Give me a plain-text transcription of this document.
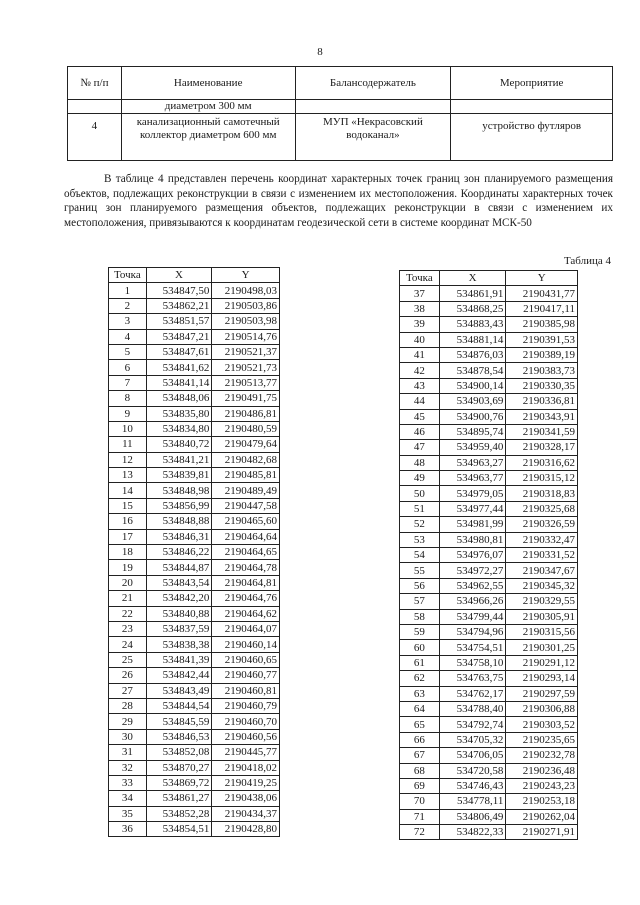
8
№ п/п	Наименование	Балансодержатель	Мероприятие
	диаметром 300 мм		
4	канализационный самотечный коллектор диаметром 600 мм	МУП «Некрасовский водоканал»	устройство футляров

В таблице 4 представлен перечень координат характерных точек границ зон планируемого размещения объектов, подлежащих реконструкции в связи с изменением их местоположения. Координаты характерных точек границ зон планируемого размещения объектов, подлежащих реконструкции в связи с изменением их местоположения, привязываются к координатам геодезической сети в системе координат МСК-50

Таблица 4
Точка	X	Y
1	534847,50	2190498,03
2	534862,21	2190503,86
3	534851,57	2190503,98
4	534847,21	2190514,76
5	534847,61	2190521,37
6	534841,62	2190521,73
7	534841,14	2190513,77
8	534848,06	2190491,75
9	534835,80	2190486,81
10	534834,80	2190480,59
11	534840,72	2190479,64
12	534841,21	2190482,68
13	534839,81	2190485,81
14	534848,98	2190489,49
15	534856,99	2190447,58
16	534848,88	2190465,60
17	534846,31	2190464,64
18	534846,22	2190464,65
19	534844,87	2190464,78
20	534843,54	2190464,81
21	534842,20	2190464,76
22	534840,88	2190464,62
23	534837,59	2190464,07
24	534838,38	2190460,14
25	534841,39	2190460,65
26	534842,44	2190460,77
27	534843,49	2190460,81
28	534844,54	2190460,79
29	534845,59	2190460,70
30	534846,53	2190460,56
31	534852,08	2190445,77
32	534870,27	2190418,02
33	534869,72	2190419,25
34	534861,27	2190438,06
35	534852,28	2190434,37
36	534854,51	2190428,80
Точка	X	Y
37	534861,91	2190431,77
38	534868,25	2190417,11
39	534883,43	2190385,98
40	534881,14	2190391,53
41	534876,03	2190389,19
42	534878,54	2190383,73
43	534900,14	2190330,35
44	534903,69	2190336,81
45	534900,76	2190343,91
46	534895,74	2190341,59
47	534959,40	2190328,17
48	534963,27	2190316,62
49	534963,77	2190315,12
50	534979,05	2190318,83
51	534977,44	2190325,68
52	534981,99	2190326,59
53	534980,81	2190332,47
54	534976,07	2190331,52
55	534972,27	2190347,67
56	534962,55	2190345,32
57	534966,26	2190329,55
58	534799,44	2190305,91
59	534794,96	2190315,56
60	534754,51	2190301,25
61	534758,10	2190291,12
62	534763,75	2190293,14
63	534762,17	2190297,59
64	534788,40	2190306,88
65	534792,74	2190303,52
66	534705,32	2190235,65
67	534706,05	2190232,78
68	534720,58	2190236,48
69	534746,43	2190243,23
70	534778,11	2190253,18
71	534806,49	2190262,04
72	534822,33	2190271,91
